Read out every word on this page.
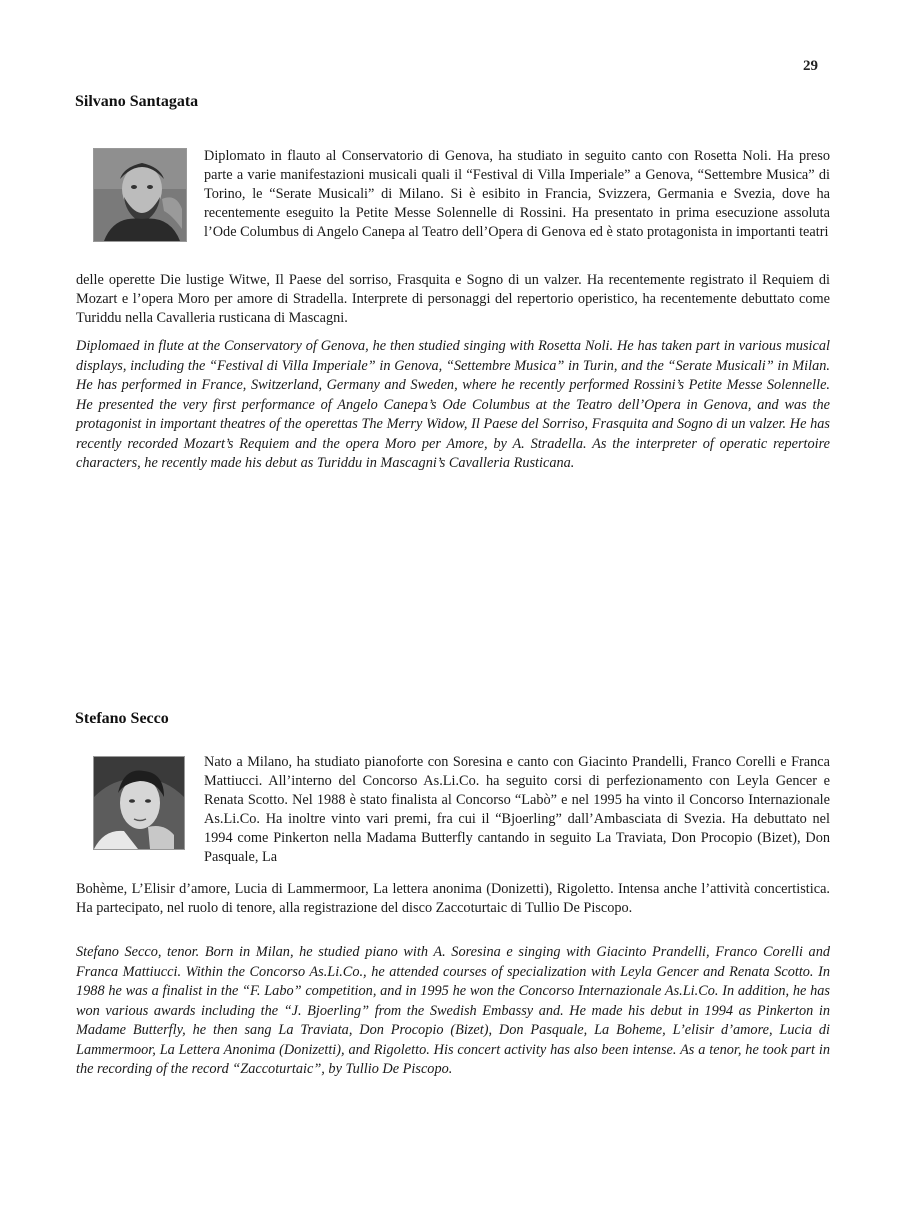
29
Silvano Santagata

Diplomato in flauto al Conservatorio di Genova, ha studiato in seguito canto con Rosetta Noli. Ha preso parte a varie manifestazioni musicali quali il “Festival di Villa Imperiale” a Genova, “Settembre Musica” di Torino, le “Serate Musicali” di Milano. Si è esibito in Francia, Svizzera, Germania e Svezia, dove ha recentemente eseguito la Petite Messe Solennelle di Rossini. Ha presentato in prima esecuzione assoluta l’Ode Columbus di Angelo Canepa al Teatro dell’Opera di Genova ed è stato protagonista in importanti teatri

delle operette Die lustige Witwe, Il Paese del sorriso, Frasquita e Sogno di un valzer. Ha recentemente registrato il Requiem di Mozart e l’opera Moro per amore di Stradella. Interprete di personaggi del repertorio operistico, ha recentemente debuttato come Turiddu nella Cavalleria rusticana di Mascagni.

Diplomaed in flute at the Conservatory of Genova, he then studied singing with Rosetta Noli. He has taken part in various musical displays, including the “Festival di Villa Imperiale” in Genova, “Settembre Musica” in Turin, and the “Serate Musicali” in Milan. He has performed in France, Switzerland, Germany and Sweden, where he recently performed Rossini’s Petite Messe Solennelle. He presented the very first performance of Angelo Canepa’s Ode Columbus at the Teatro dell’Opera in Genova, and was the protagonist in important theatres of the operettas The Merry Widow, Il Paese del Sorriso, Frasquita and Sogno di un valzer. He has recently recorded Mozart’s Requiem and the opera Moro per Amore, by A. Stradella. As the interpreter of operatic repertoire characters, he recently made his debut as Turiddu in Mascagni’s Cavalleria Rusticana.

Stefano Secco

Nato a Milano, ha studiato pianoforte con Soresina e canto con Giacinto Prandelli, Franco Corelli e Franca Mattiucci. All’interno del Concorso As.Li.Co. ha seguito corsi di perfezionamento con Leyla Gencer e Renata Scotto. Nel 1988 è stato finalista al Concorso “Labò” e nel 1995 ha vinto il Concorso Internazionale As.Li.Co. Ha inoltre vinto vari premi, fra cui il “Bjoerling” dall’Ambasciata di Svezia. Ha debuttato nel 1994 come Pinkerton nella Madama Butterfly cantando in seguito La Traviata, Don Procopio (Bizet), Don Pasquale, La

Bohème, L’Elisir d’amore, Lucia di Lammermoor, La lettera anonima (Donizetti), Rigoletto. Intensa anche l’attività concertistica. Ha partecipato, nel ruolo di tenore, alla registrazione del disco Zaccoturtaic di Tullio De Piscopo.

Stefano Secco, tenor. Born in Milan, he studied piano with A. Soresina e singing with Giacinto Prandelli, Franco Corelli and Franca Mattiucci. Within the Concorso As.Li.Co., he attended courses of specialization with Leyla Gencer and Renata Scotto. In 1988 he was a finalist in the “F. Labo” competition, and in 1995 he won the Concorso Internazionale As.Li.Co. In addition, he has won various awards including the “J. Bjoerling” from the Swedish Embassy and. He made his debut in 1994 as Pinkerton in Madame Butterfly, he then sang La Traviata, Don Procopio (Bizet), Don Pasquale, La Boheme, L’elisir d’amore, Lucia di Lammermoor, La Lettera Anonima (Donizetti), and Rigoletto. His concert activity has also been intense. As a tenor, he took part in the recording of the record “Zaccoturtaic”, by Tullio De Piscopo.
